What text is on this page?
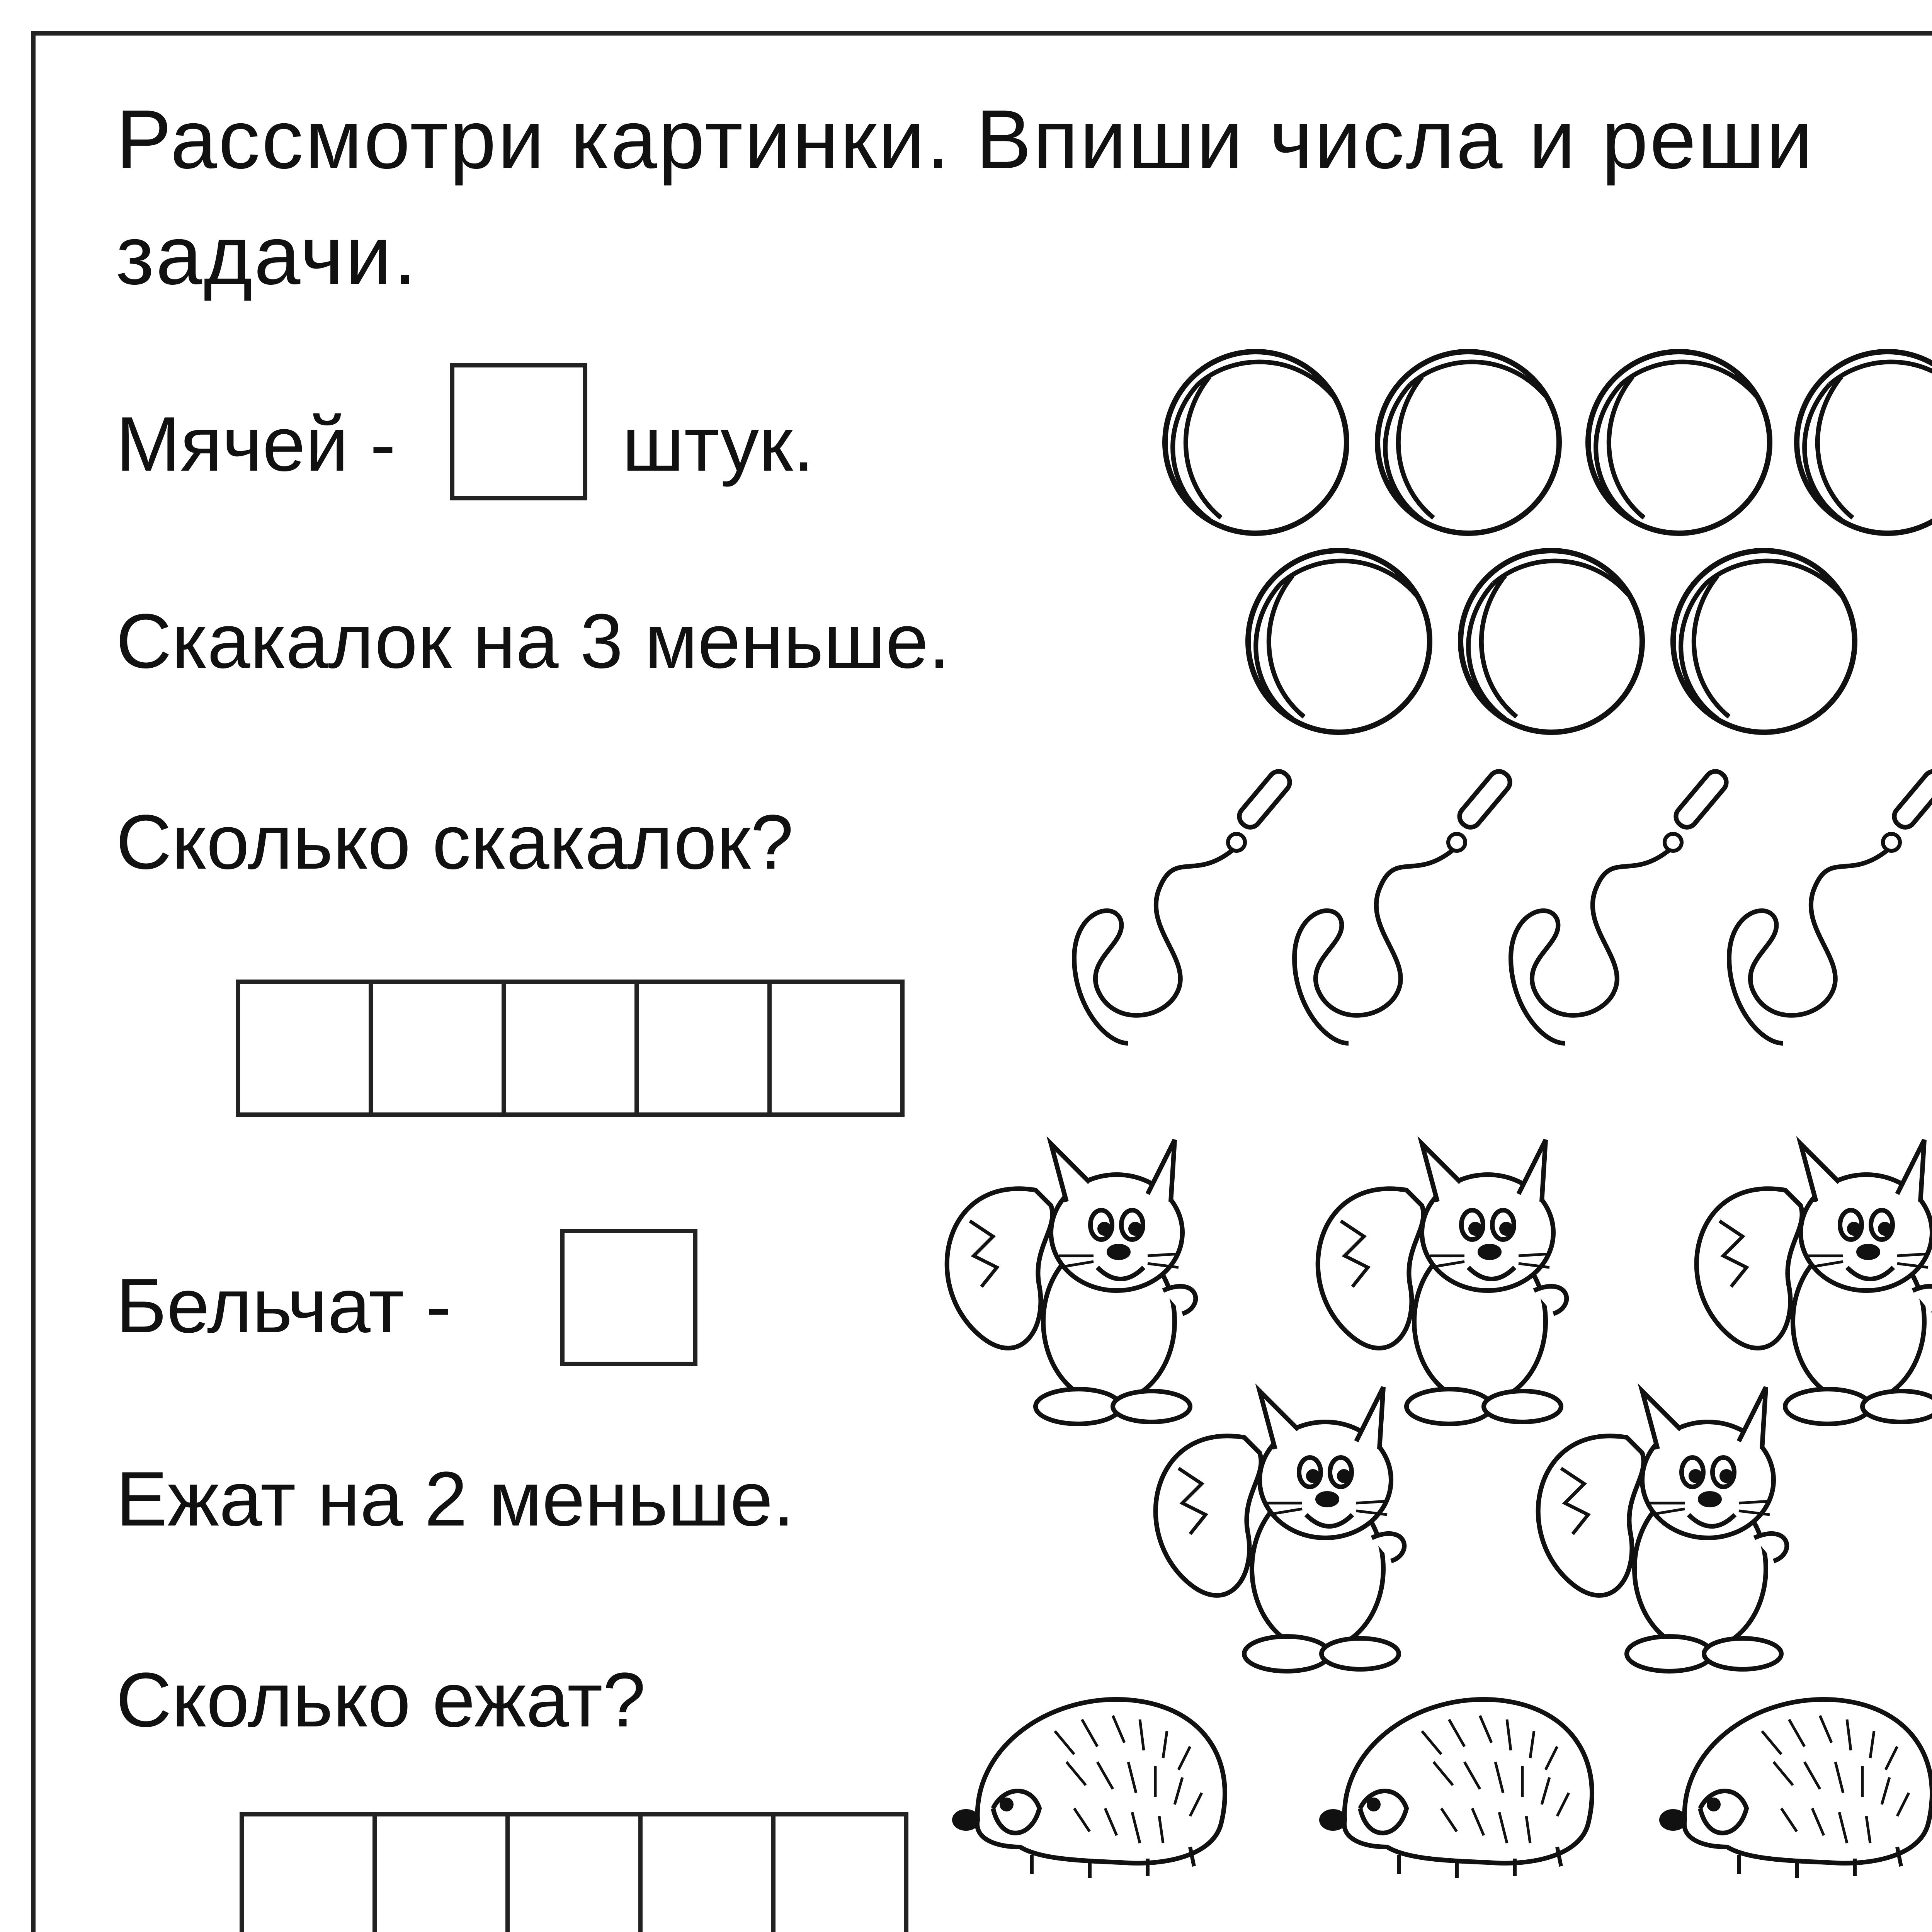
Рассмотри картинки. Впиши числа и реши задачи.
Мячей -	штук.
Скакалок на 3 меньше.
Сколько скакалок?
Бельчат -
Ежат на 2 меньше.
Сколько ежат?
